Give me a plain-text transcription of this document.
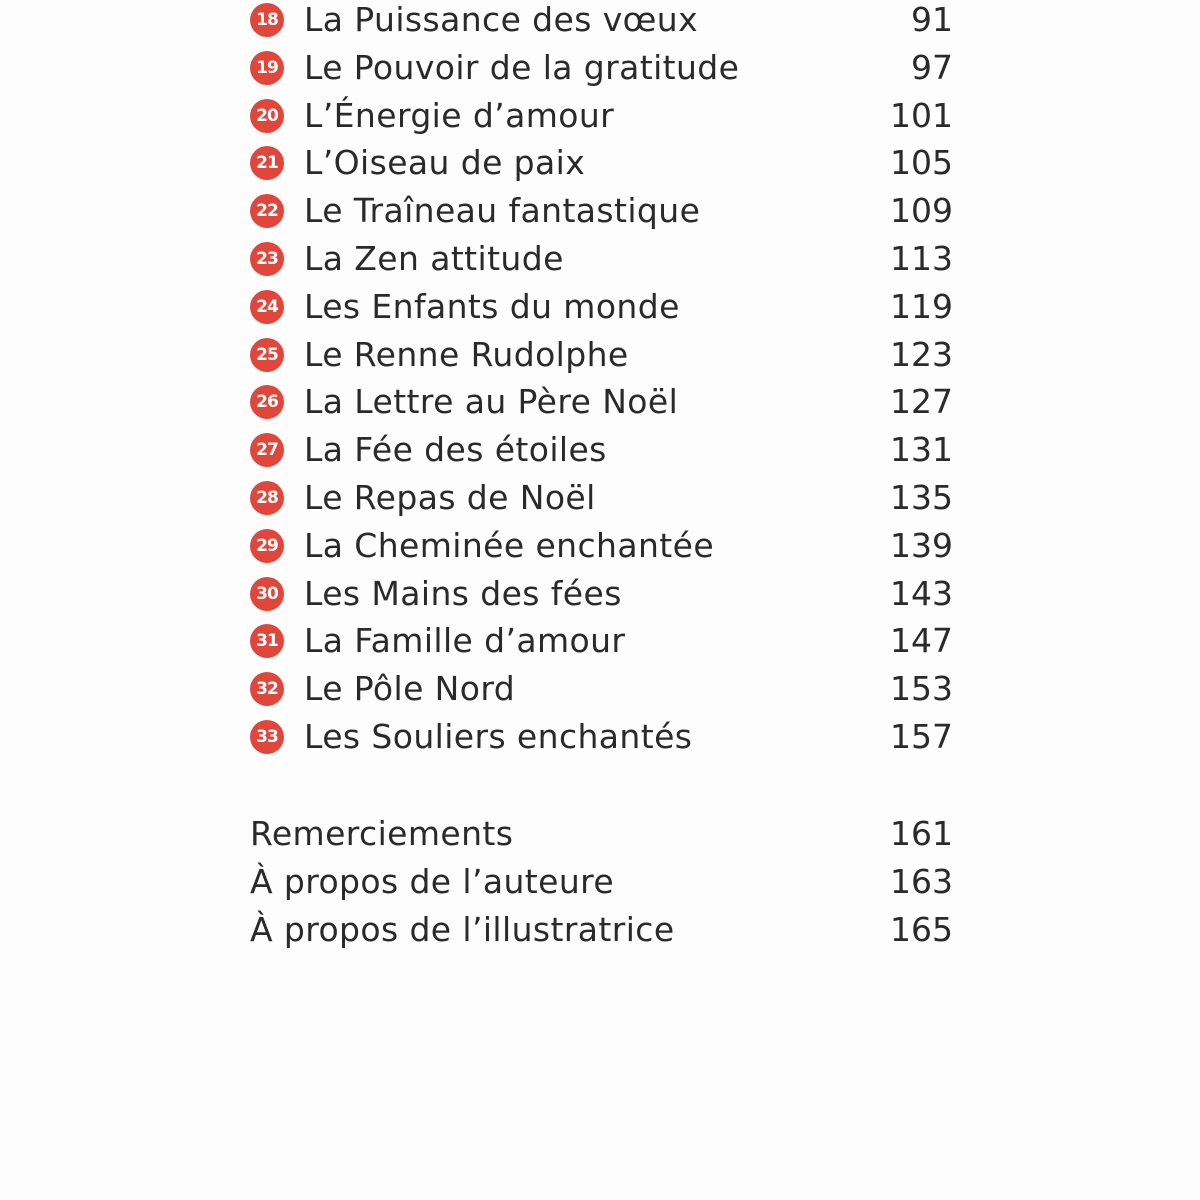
18 La Puissance des vœux	91
19 Le Pouvoir de la gratitude	97
20 L’Énergie d’amour	101
21 L’Oiseau de paix	105
22 Le Traîneau fantastique	109
23 La Zen attitude	113
24 Les Enfants du monde	119
25 Le Renne Rudolphe	123
26 La Lettre au Père Noël	127
27 La Fée des étoiles	131
28 Le Repas de Noël	135
29 La Cheminée enchantée	139
30 Les Mains des fées	143
31 La Famille d’amour	147
32 Le Pôle Nord	153
33 Les Souliers enchantés	157
Remerciements	161
À propos de l’auteure	163
À propos de l’illustratrice	165
